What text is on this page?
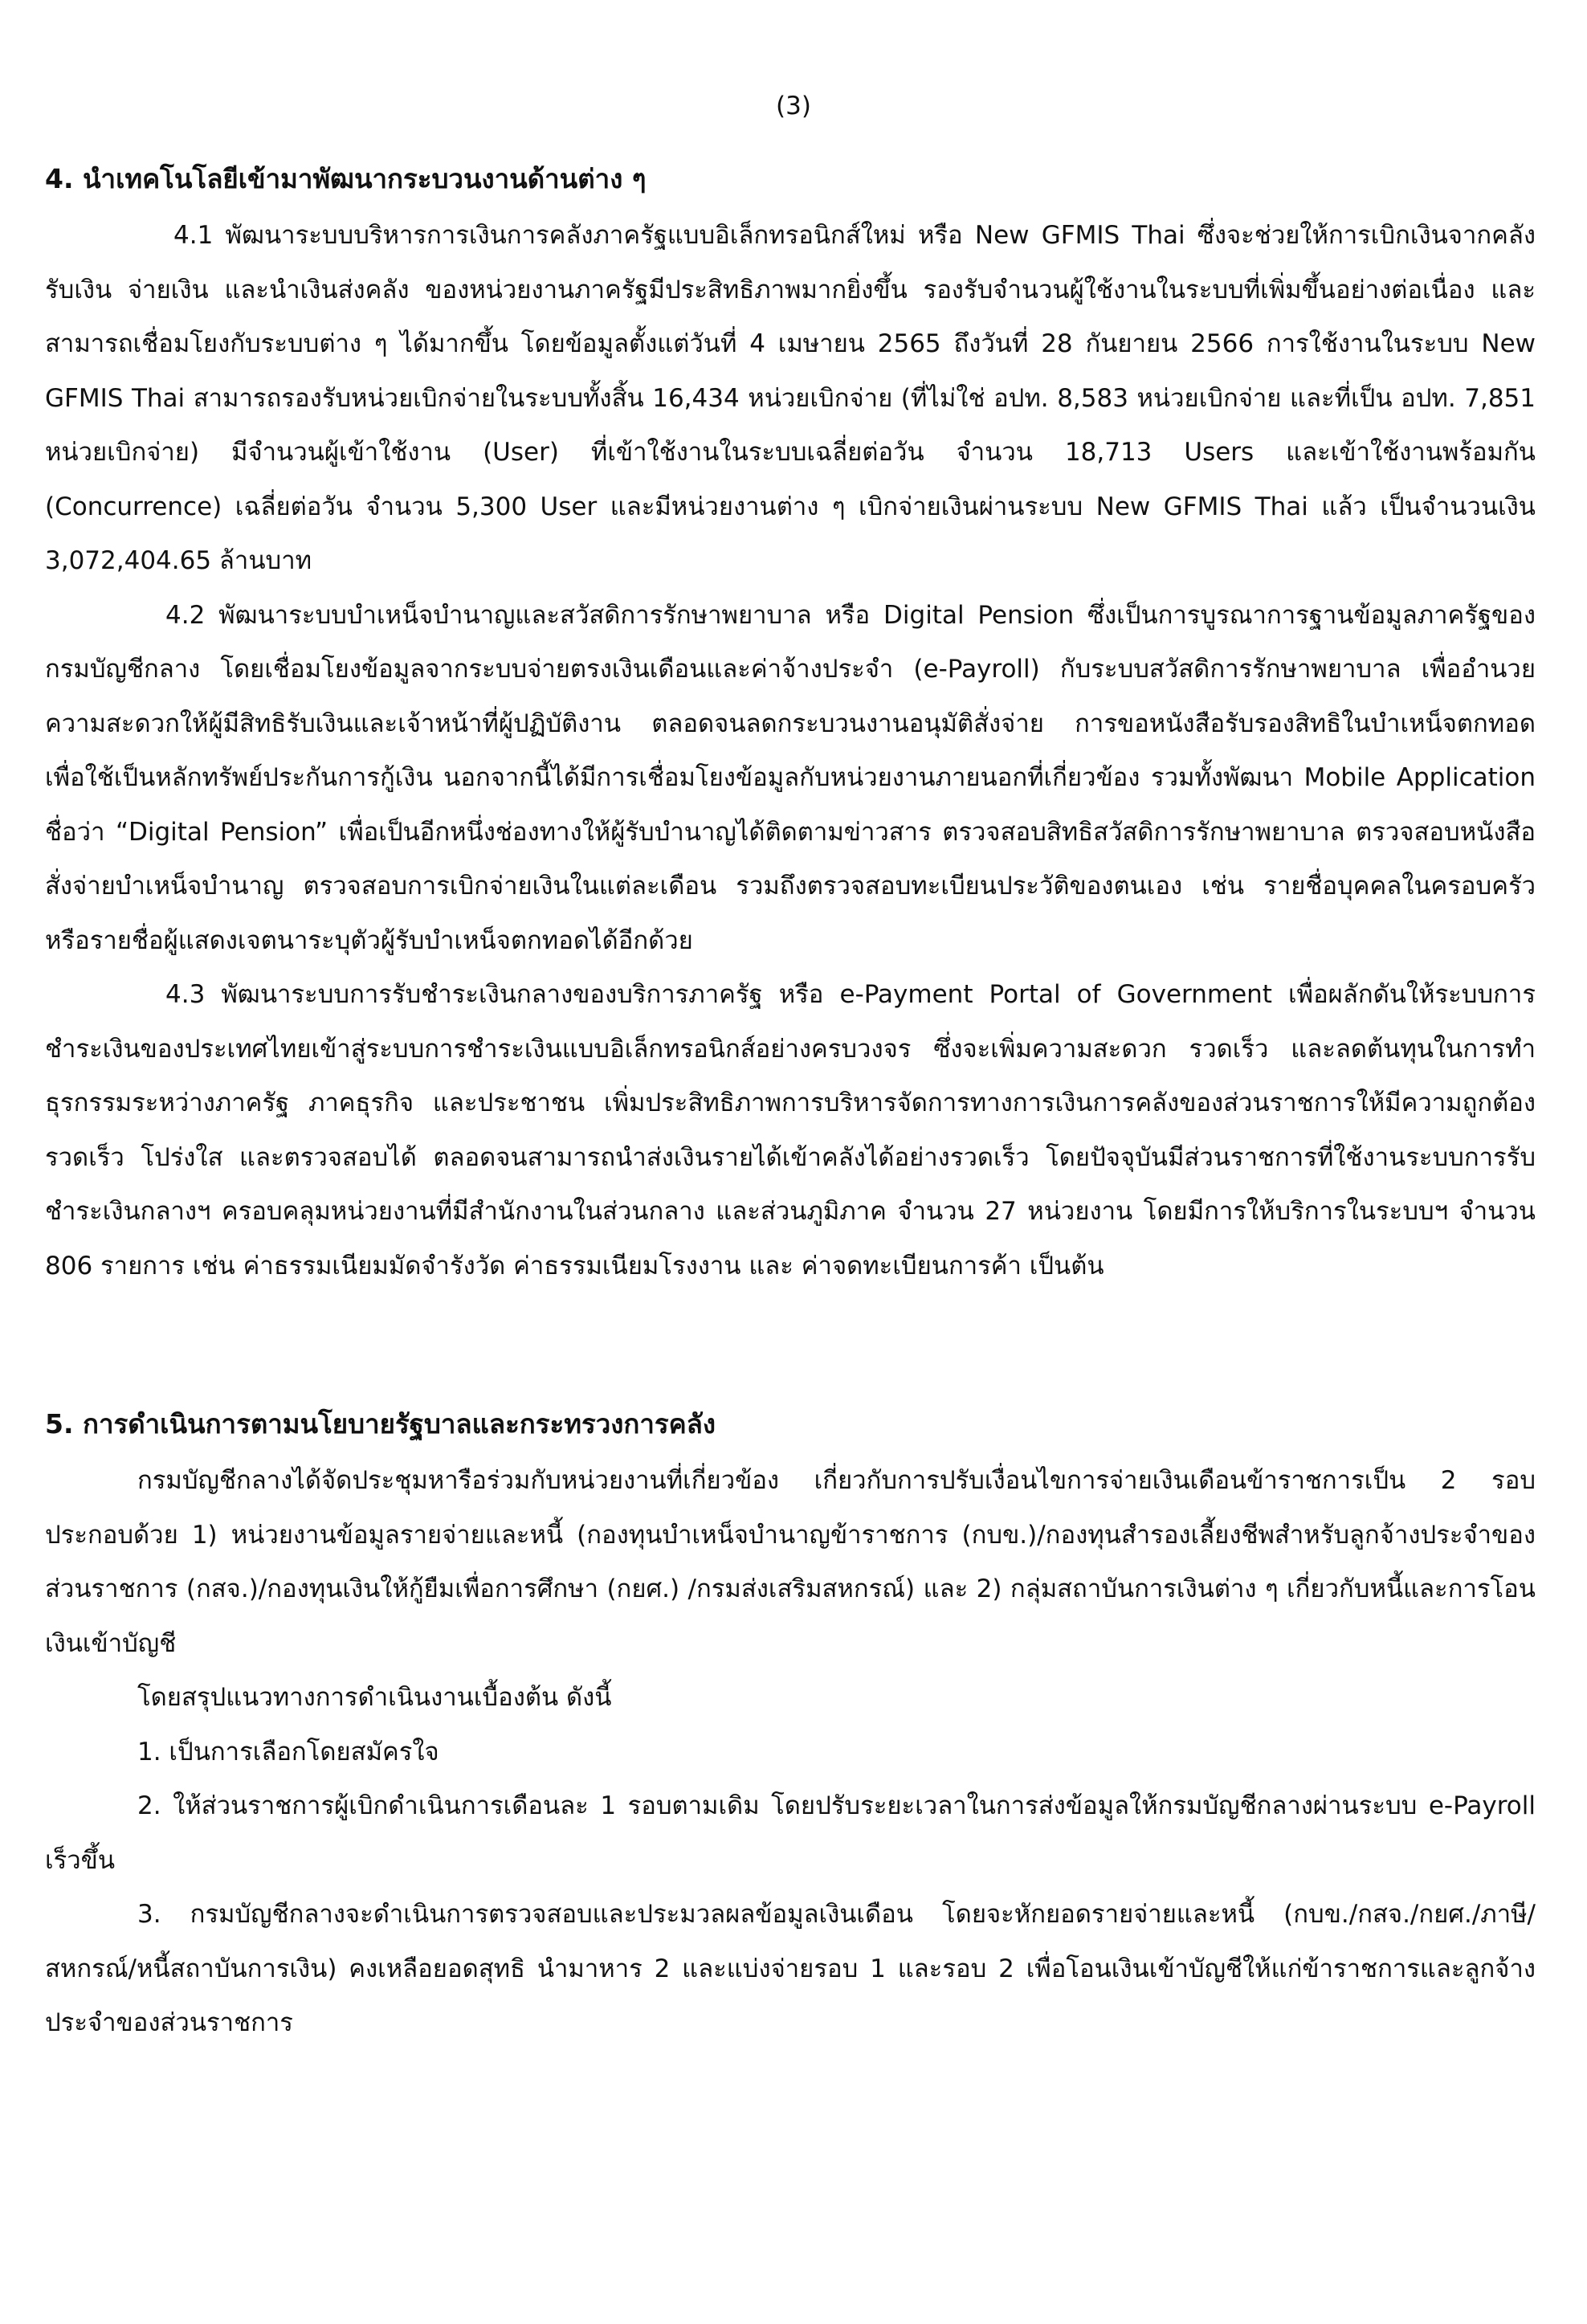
(3)
4. นำเทคโนโลยีเข้ามาพัฒนากระบวนงานด้านต่าง ๆ

4.1 พัฒนาระบบบริหารการเงินการคลังภาครัฐแบบอิเล็กทรอนิกส์ใหม่ หรือ New GFMIS Thai ซึ่งจะช่วยให้การเบิกเงินจากคลัง รับเงิน จ่ายเงิน และนำเงินส่งคลัง ของหน่วยงานภาครัฐมีประสิทธิภาพมากยิ่งขึ้น รองรับจำนวนผู้ใช้งานในระบบที่เพิ่มขึ้นอย่างต่อเนื่อง และสามารถเชื่อมโยงกับระบบต่าง ๆ ได้มากขึ้น โดยข้อมูลตั้งแต่วันที่ 4 เมษายน 2565 ถึงวันที่ 28 กันยายน 2566 การใช้งานในระบบ New GFMIS Thai สามารถรองรับหน่วยเบิกจ่ายในระบบทั้งสิ้น 16,434 หน่วยเบิกจ่าย (ที่ไม่ใช่ อปท. 8,583 หน่วยเบิกจ่าย และที่เป็น อปท. 7,851 หน่วยเบิกจ่าย) มีจำนวนผู้เข้าใช้งาน (User) ที่เข้าใช้งานในระบบเฉลี่ยต่อวัน จำนวน 18,713 Users และเข้าใช้งานพร้อมกัน (Concurrence) เฉลี่ยต่อวัน จำนวน 5,300 User และมีหน่วยงานต่าง ๆ เบิกจ่ายเงินผ่านระบบ New GFMIS Thai แล้ว เป็นจำนวนเงิน 3,072,404.65 ล้านบาท

4.2 พัฒนาระบบบำเหน็จบำนาญและสวัสดิการรักษาพยาบาล หรือ Digital Pension ซึ่งเป็นการบูรณาการฐานข้อมูลภาครัฐของกรมบัญชีกลาง โดยเชื่อมโยงข้อมูลจากระบบจ่ายตรงเงินเดือนและค่าจ้างประจำ (e-Payroll) กับระบบสวัสดิการรักษาพยาบาล เพื่ออำนวยความสะดวกให้ผู้มีสิทธิรับเงินและเจ้าหน้าที่ผู้ปฏิบัติงาน ตลอดจนลดกระบวนงานอนุมัติสั่งจ่าย การขอหนังสือรับรองสิทธิในบำเหน็จตกทอด เพื่อใช้เป็นหลักทรัพย์ประกันการกู้เงิน นอกจากนี้ได้มีการเชื่อมโยงข้อมูลกับหน่วยงานภายนอกที่เกี่ยวข้อง รวมทั้งพัฒนา Mobile Application ชื่อว่า “Digital Pension” เพื่อเป็นอีกหนึ่งช่องทางให้ผู้รับบำนาญได้ติดตามข่าวสาร ตรวจสอบสิทธิสวัสดิการรักษาพยาบาล ตรวจสอบหนังสือสั่งจ่ายบำเหน็จบำนาญ ตรวจสอบการเบิกจ่ายเงินในแต่ละเดือน รวมถึงตรวจสอบทะเบียนประวัติของตนเอง เช่น รายชื่อบุคคลในครอบครัว หรือรายชื่อผู้แสดงเจตนาระบุตัวผู้รับบำเหน็จตกทอดได้อีกด้วย

4.3 พัฒนาระบบการรับชำระเงินกลางของบริการภาครัฐ หรือ e-Payment Portal of Government เพื่อผลักดันให้ระบบการชำระเงินของประเทศไทยเข้าสู่ระบบการชำระเงินแบบอิเล็กทรอนิกส์อย่างครบวงจร ซึ่งจะเพิ่มความสะดวก รวดเร็ว และลดต้นทุนในการทำธุรกรรมระหว่างภาครัฐ ภาคธุรกิจ และประชาชน เพิ่มประสิทธิภาพการบริหารจัดการทางการเงินการคลังของส่วนราชการให้มีความถูกต้อง รวดเร็ว โปร่งใส และตรวจสอบได้ ตลอดจนสามารถนำส่งเงินรายได้เข้าคลังได้อย่างรวดเร็ว โดยปัจจุบันมีส่วนราชการที่ใช้งานระบบการรับชำระเงินกลางฯ ครอบคลุมหน่วยงานที่มีสำนักงานในส่วนกลาง และส่วนภูมิภาค จำนวน 27 หน่วยงาน โดยมีการให้บริการในระบบฯ จำนวน 806 รายการ เช่น ค่าธรรมเนียมมัดจำรังวัด ค่าธรรมเนียมโรงงาน และ ค่าจดทะเบียนการค้า เป็นต้น

5. การดำเนินการตามนโยบายรัฐบาลและกระทรวงการคลัง

กรมบัญชีกลางได้จัดประชุมหารือร่วมกับหน่วยงานที่เกี่ยวข้อง เกี่ยวกับการปรับเงื่อนไขการจ่ายเงินเดือนข้าราชการเป็น 2 รอบ ประกอบด้วย 1) หน่วยงานข้อมูลรายจ่ายและหนี้ (กองทุนบำเหน็จบำนาญข้าราชการ (กบข.)/กองทุนสำรองเลี้ยงชีพสำหรับลูกจ้างประจำของส่วนราชการ (กสจ.)/กองทุนเงินให้กู้ยืมเพื่อการศึกษา (กยศ.) /กรมส่งเสริมสหกรณ์) และ 2) กลุ่มสถาบันการเงินต่าง ๆ เกี่ยวกับหนี้และการโอนเงินเข้าบัญชี

โดยสรุปแนวทางการดำเนินงานเบื้องต้น ดังนี้

1. เป็นการเลือกโดยสมัครใจ

2. ให้ส่วนราชการผู้เบิกดำเนินการเดือนละ 1 รอบตามเดิม โดยปรับระยะเวลาในการส่งข้อมูลให้กรมบัญชีกลางผ่านระบบ e-Payroll เร็วขึ้น

3. กรมบัญชีกลางจะดำเนินการตรวจสอบและประมวลผลข้อมูลเงินเดือน โดยจะหักยอดรายจ่ายและหนี้ (กบข./กสจ./กยศ./ภาษี/สหกรณ์/หนี้สถาบันการเงิน) คงเหลือยอดสุทธิ นำมาหาร 2 และแบ่งจ่ายรอบ 1 และรอบ 2 เพื่อโอนเงินเข้าบัญชีให้แก่ข้าราชการและลูกจ้างประจำของส่วนราชการ
